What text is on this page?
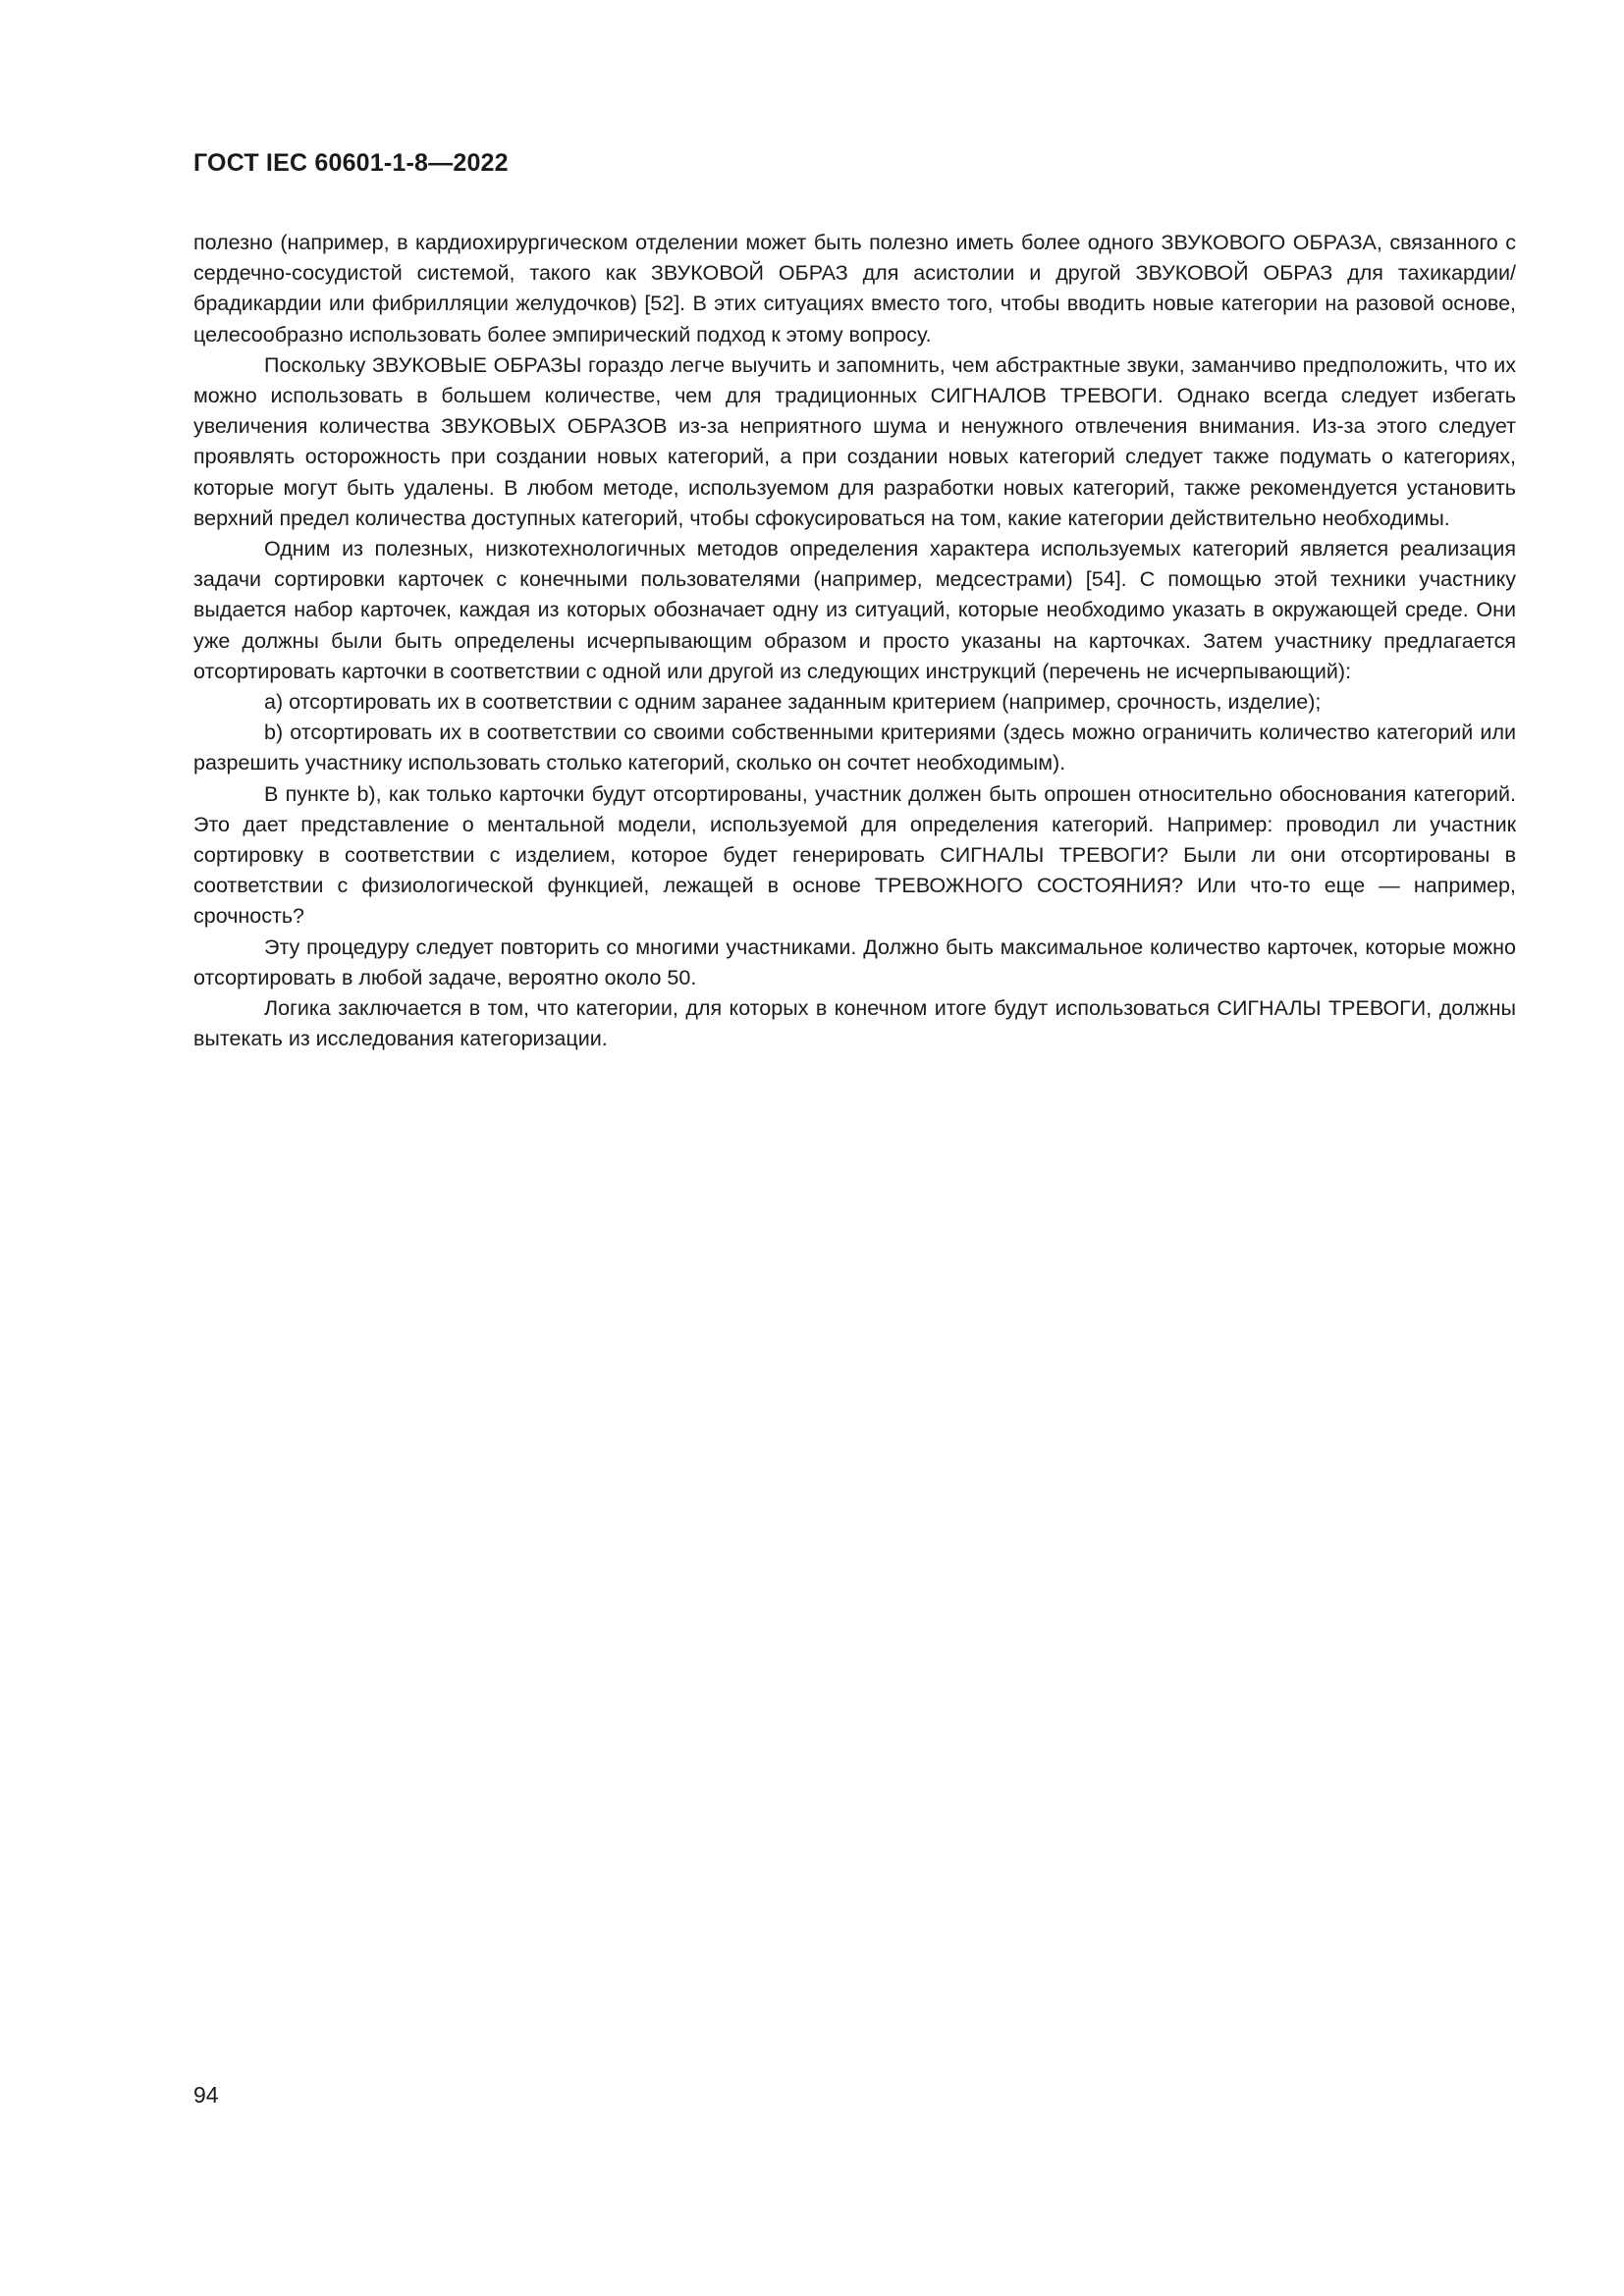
ГОСТ IEC 60601-1-8—2022

полезно (например, в кардиохирургическом отделении может быть полезно иметь более одного ЗВУКОВОГО ОБРАЗА, связанного с сердечно-сосудистой системой, такого как ЗВУКОВОЙ ОБРАЗ для асистолии и другой ЗВУКОВОЙ ОБРАЗ для тахикардии/брадикардии или фибрилляции желудочков) [52]. В этих ситуациях вместо того, чтобы вводить новые категории на разовой основе, целесообразно использовать более эмпирический подход к этому вопросу.

Поскольку ЗВУКОВЫЕ ОБРАЗЫ гораздо легче выучить и запомнить, чем абстрактные звуки, заманчиво предположить, что их можно использовать в большем количестве, чем для традиционных СИГНАЛОВ ТРЕВОГИ. Однако всегда следует избегать увеличения количества ЗВУКОВЫХ ОБРАЗОВ из-за неприятного шума и ненужного отвлечения внимания. Из-за этого следует проявлять осторожность при создании новых категорий, а при создании новых категорий следует также подумать о категориях, которые могут быть удалены. В любом методе, используемом для разработки новых категорий, также рекомендуется установить верхний предел количества доступных категорий, чтобы сфокусироваться на том, какие категории действительно необходимы.

Одним из полезных, низкотехнологичных методов определения характера используемых категорий является реализация задачи сортировки карточек с конечными пользователями (например, медсестрами) [54]. С помощью этой техники участнику выдается набор карточек, каждая из которых обозначает одну из ситуаций, которые необходимо указать в окружающей среде. Они уже должны были быть определены исчерпывающим образом и просто указаны на карточках. Затем участнику предлагается отсортировать карточки в соответствии с одной или другой из следующих инструкций (перечень не исчерпывающий):

a) отсортировать их в соответствии с одним заранее заданным критерием (например, срочность, изделие);

b) отсортировать их в соответствии со своими собственными критериями (здесь можно ограничить количество категорий или разрешить участнику использовать столько категорий, сколько он сочтет необходимым).

В пункте b), как только карточки будут отсортированы, участник должен быть опрошен относительно обоснования категорий. Это дает представление о ментальной модели, используемой для определения категорий. Например: проводил ли участник сортировку в соответствии с изделием, которое будет генерировать СИГНАЛЫ ТРЕВОГИ? Были ли они отсортированы в соответствии с физиологической функцией, лежащей в основе ТРЕВОЖНОГО СОСТОЯНИЯ? Или что-то еще — например, срочность?

Эту процедуру следует повторить со многими участниками. Должно быть максимальное количество карточек, которые можно отсортировать в любой задаче, вероятно около 50.

Логика заключается в том, что категории, для которых в конечном итоге будут использоваться СИГНАЛЫ ТРЕВОГИ, должны вытекать из исследования категоризации.

94
